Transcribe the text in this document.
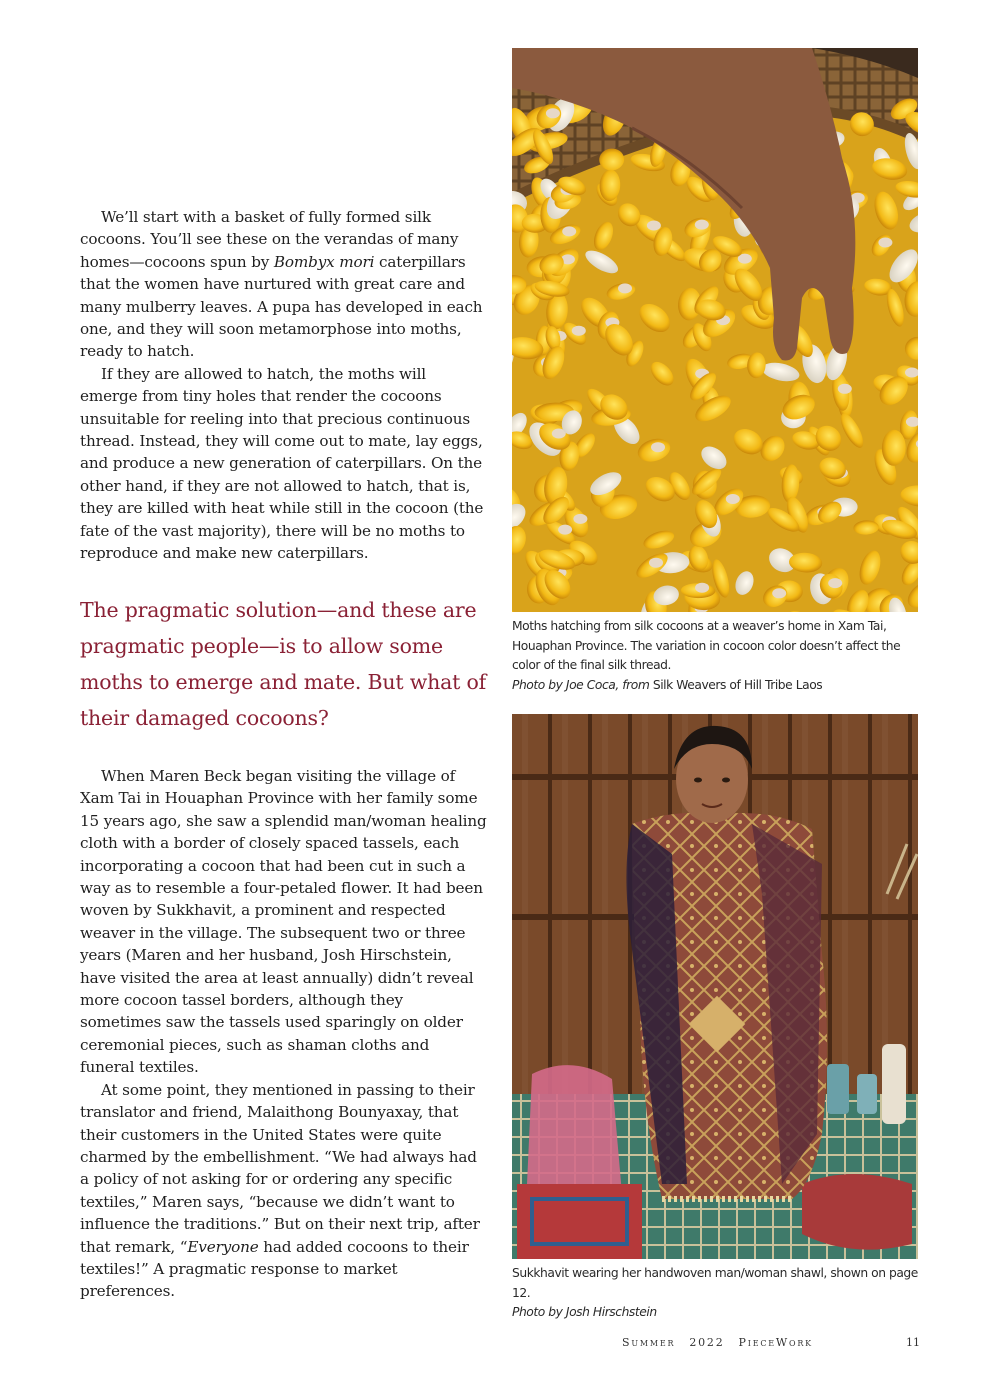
We’ll start with a basket of fully formed silk cocoons. You’ll see these on the verandas of many homes—cocoons spun by Bombyx mori caterpillars that the women have nurtured with great care and many mulberry leaves. A pupa has developed in each one, and they will soon metamorphose into moths, ready to hatch.

If they are allowed to hatch, the moths will emerge from tiny holes that render the cocoons unsuitable for reeling into that precious continuous thread. Instead, they will come out to mate, lay eggs, and produce a new generation of caterpillars. On the other hand, if they are not allowed to hatch, that is, they are killed with heat while still in the cocoon (the fate of the vast majority), there will be no moths to reproduce and make new caterpillars.

The pragmatic solution—and these are pragmatic people—is to allow some moths to emerge and mate. But what of their damaged cocoons?

When Maren Beck began visiting the village of Xam Tai in Houaphan Province with her family some 15 years ago, she saw a splendid man/woman healing cloth with a border of closely spaced tassels, each incorporating a cocoon that had been cut in such a way as to resemble a four-petaled flower. It had been woven by Sukkhavit, a prominent and respected weaver in the village. The subsequent two or three years (Maren and her husband, Josh Hirschstein, have visited the area at least annually) didn’t reveal more cocoon tassel borders, although they sometimes saw the tassels used sparingly on older ceremonial pieces, such as shaman cloths and funeral textiles.

At some point, they mentioned in passing to their translator and friend, Malaithong Bounyaxay, that their customers in the United States were quite charmed by the embellishment. “We had always had a policy of not asking for or ordering any specific textiles,” Maren says, “because we didn’t want to influence the traditions.” But on their next trip, after that remark, “Everyone had added cocoons to their textiles!” A pragmatic response to market preferences.

Moths hatching from silk cocoons at a weaver’s home in Xam Tai, Houaphan Province. The variation in cocoon color doesn’t affect the color of the final silk thread.
Photo by Joe Coca, from Silk Weavers of Hill Tribe Laos
Sukkhavit wearing her handwoven man/woman shawl, shown on page 12.
Photo by Josh Hirschstein
Summer 2022 PieceWork	11
